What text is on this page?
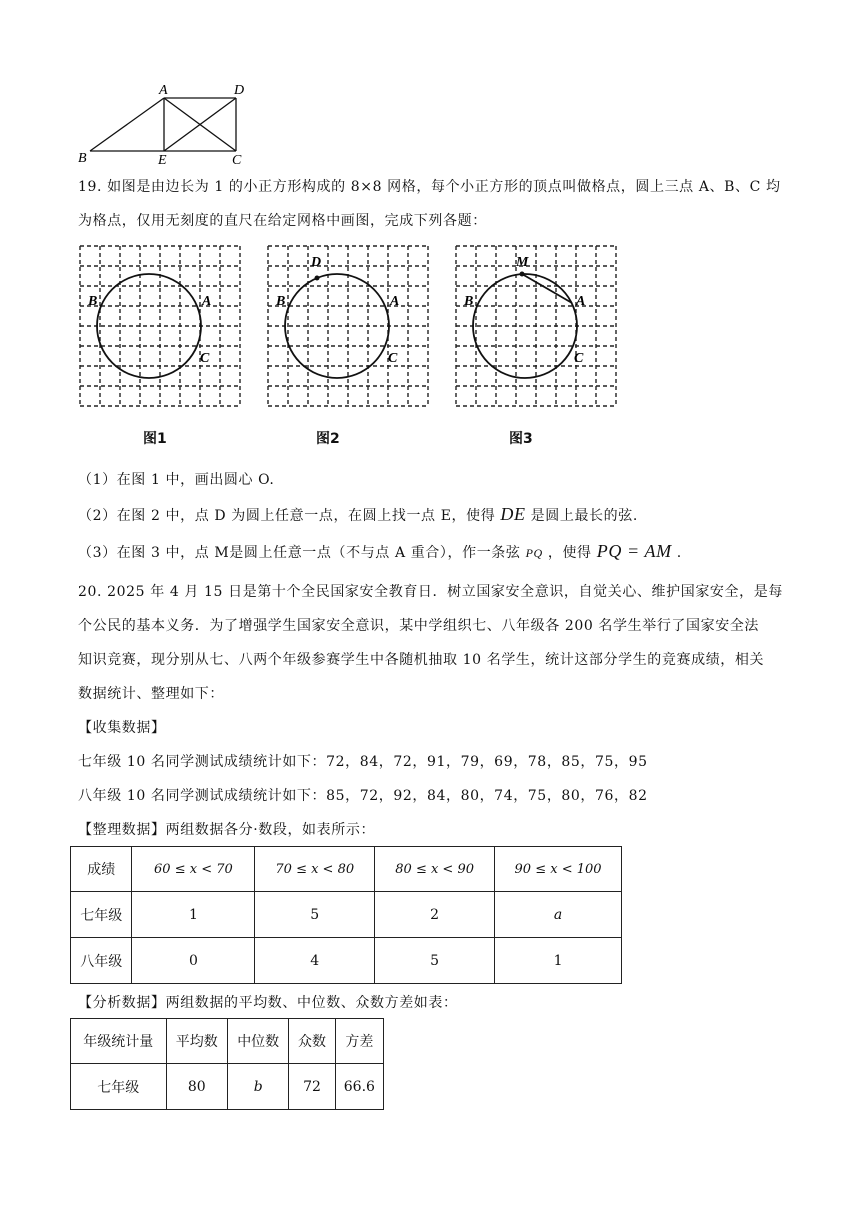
A	D
B	E	C
19. 如图是由边长为 1 的小正方形构成的 8×8 网格，每个小正方形的顶点叫做格点，圆上三点 A、B、C 均
为格点，仅用无刻度的直尺在给定网格中画图，完成下列各题：
B	A
C
图1
D
B	A
C
图2
M
B	A
C
图3
（1）在图 1 中，画出圆心 O.
（2）在图 2 中，点 D 为圆上任意一点，在圆上找一点 E，使得 DE 是圆上最长的弦.
（3）在图 3 中，点 M是圆上任意一点（不与点 A 重合），作一条弦 PQ ，使得 PQ = AM .
20. 2025 年 4 月 15 日是第十个全民国家安全教育日．树立国家安全意识，自觉关心、维护国家安全，是每
个公民的基本义务．为了增强学生国家安全意识，某中学组织七、八年级各 200 名学生举行了国家安全法
知识竞赛，现分别从七、八两个年级参赛学生中各随机抽取 10 名学生，统计这部分学生的竞赛成绩，相关
数据统计、整理如下：
【收集数据】
七年级 10 名同学测试成绩统计如下：72，84，72，91，79，69，78，85，75，95
八年级 10 名同学测试成绩统计如下：85，72，92，84，80，74，75，80，76，82
【整理数据】两组数据各分·数段，如表所示：
成绩	60 ≤ x < 70	70 ≤ x < 80	80 ≤ x < 90	90 ≤ x < 100
七年级	1	5	2	a
八年级	0	4	5	1
【分析数据】两组数据的平均数、中位数、众数方差如表：
年级统计量	平均数	中位数	众数	方差
七年级	80	b	72	66.6
